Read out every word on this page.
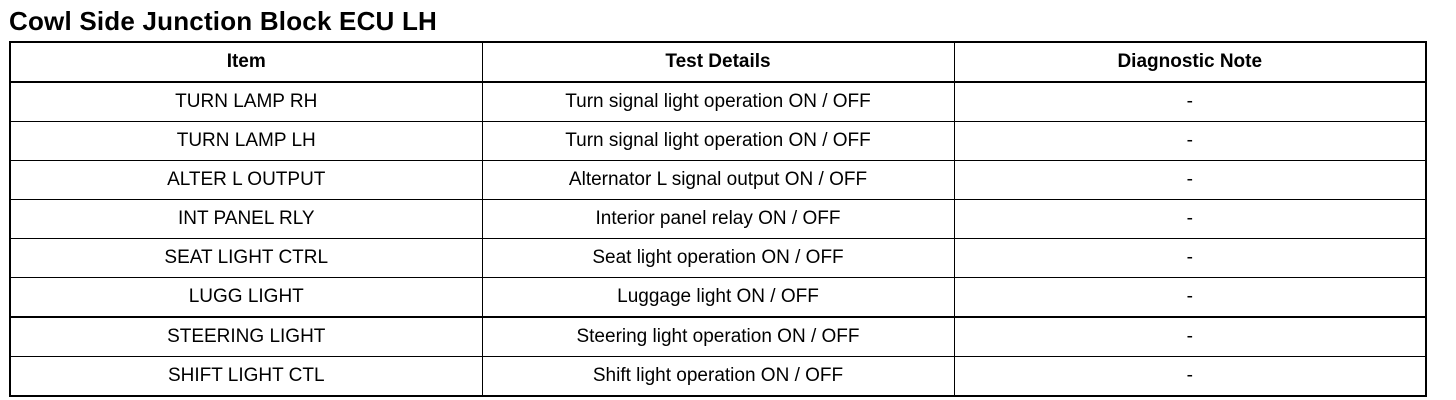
Cowl Side Junction Block ECU LH
Item	Test Details	Diagnostic Note
TURN LAMP RH	Turn signal light operation ON / OFF	-
TURN LAMP LH	Turn signal light operation ON / OFF	-
ALTER L OUTPUT	Alternator L signal output ON / OFF	-
INT PANEL RLY	Interior panel relay ON / OFF	-
SEAT LIGHT CTRL	Seat light operation ON / OFF	-
LUGG LIGHT	Luggage light ON / OFF	-
STEERING LIGHT	Steering light operation ON / OFF	-
SHIFT LIGHT CTL	Shift light operation ON / OFF	-
